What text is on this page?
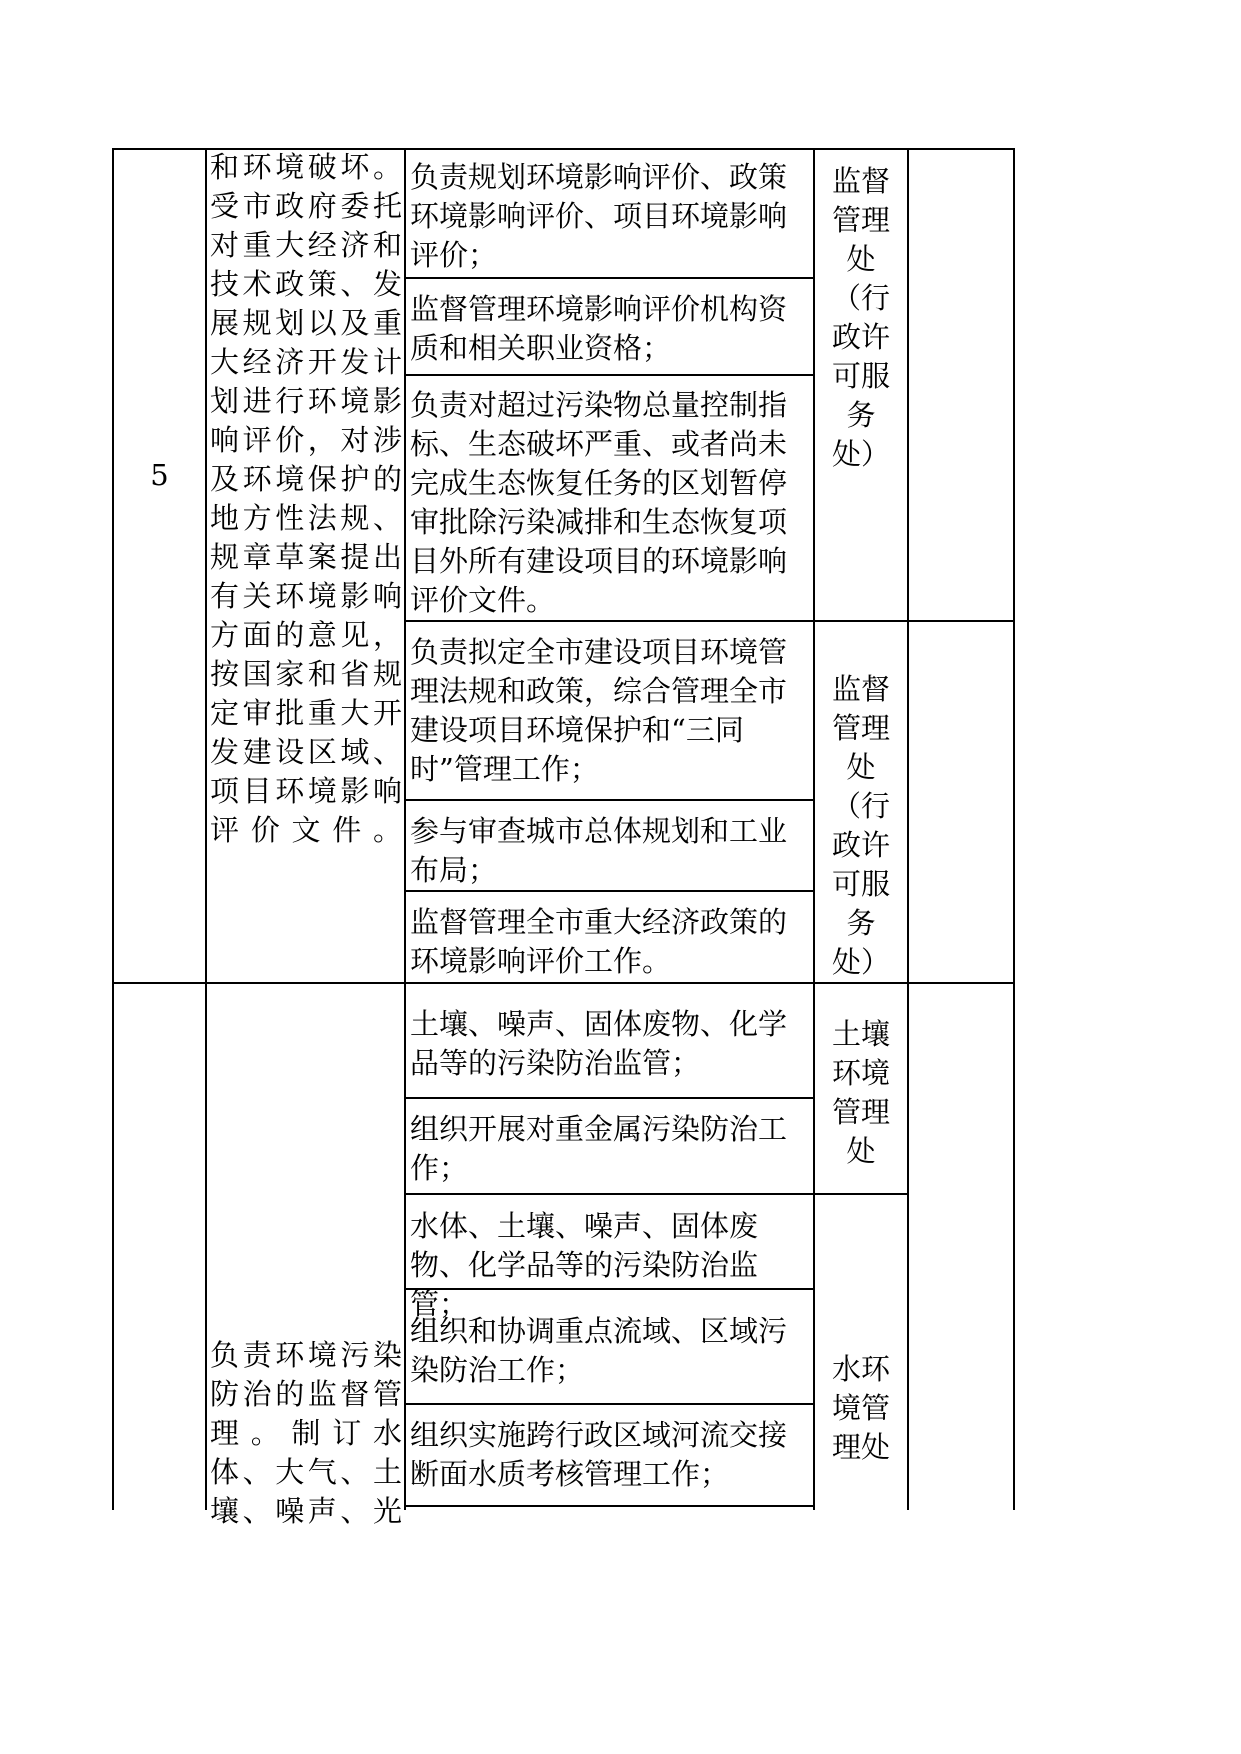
5
和环境破坏。受市政府委托对重大经济和技术政策、发展规划以及重大经济开发计划进行环境影响评价，对涉及环境保护的地方性法规、规章草案提出有关环境影响方面的意见，按国家和省规定审批重大开发建设区域、项目环境影响评价文件。
负责规划环境影响评价、政策环境影响评价、项目环境影响评价；
监督管理环境影响评价机构资质和相关职业资格；
负责对超过污染物总量控制指标、生态破坏严重、或者尚未完成生态恢复任务的区划暂停审批除污染减排和生态恢复项目外所有建设项目的环境影响评价文件。
监督管理处（行政许可服务处）
负责拟定全市建设项目环境管理法规和政策，综合管理全市建设项目环境保护和“三同时”管理工作；
参与审查城市总体规划和工业布局；
监督管理全市重大经济政策的环境影响评价工作。
监督管理处（行政许可服务处）
负责环境污染防治的监督管理。制订水体、大气、土壤、噪声、光
土壤、噪声、固体废物、化学品等的污染防治监管；
组织开展对重金属污染防治工作；
土壤环境管理处
水体、土壤、噪声、固体废物、化学品等的污染防治监管；
组织和协调重点流域、区域污染防治工作；
组织实施跨行政区域河流交接断面水质考核管理工作；
水环境管理处
